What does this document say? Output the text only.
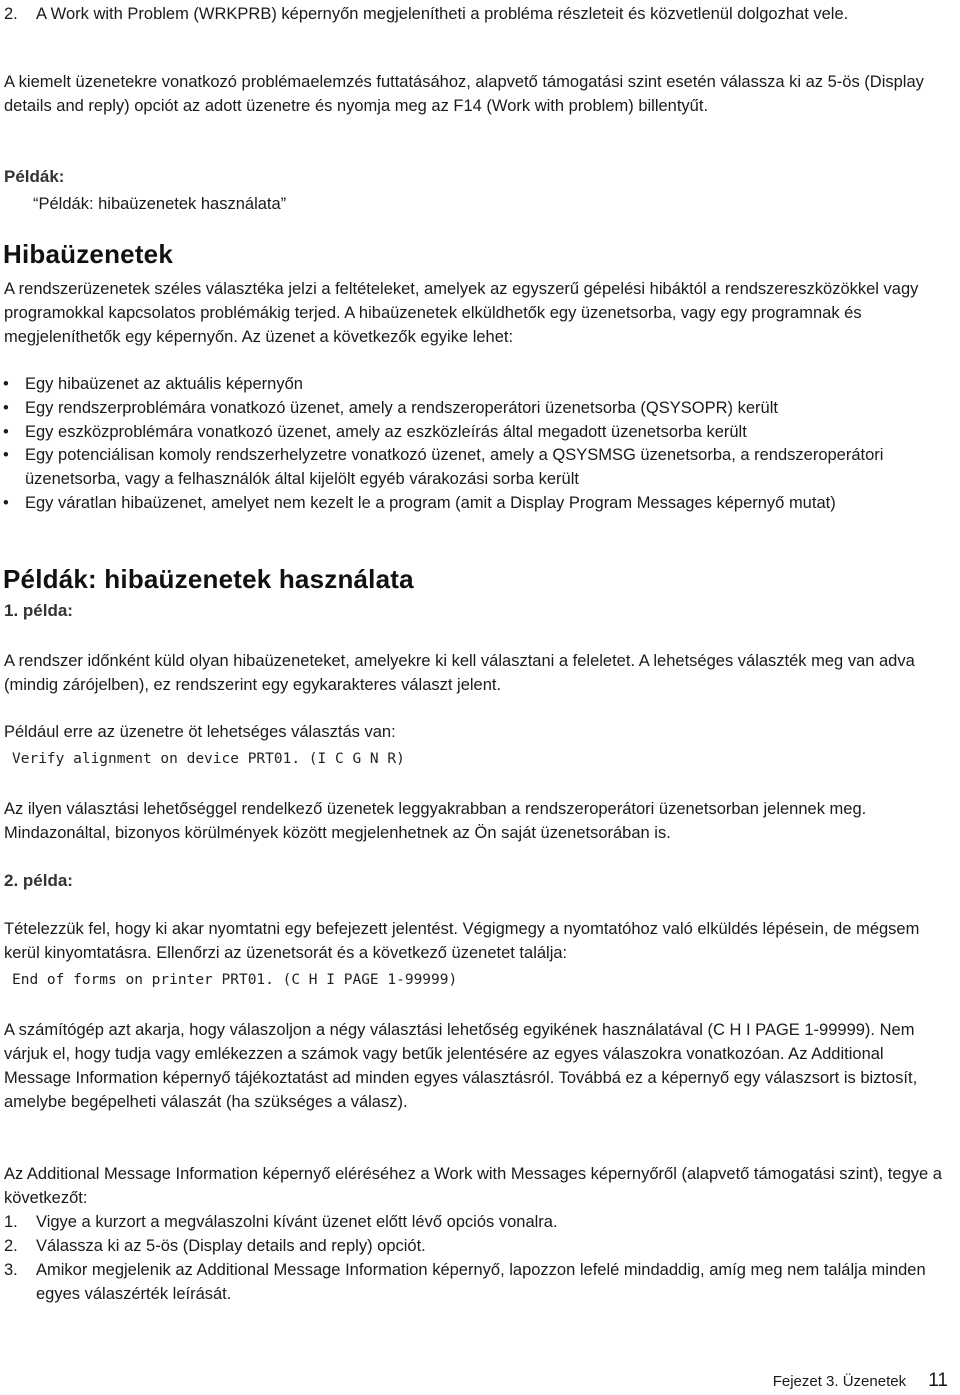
2. A Work with Problem (WRKPRB) képernyőn megjelenítheti a probléma részleteit és közvetlenül dolgozhat vele.

A kiemelt üzenetekre vonatkozó problémaelemzés futtatásához, alapvető támogatási szint esetén válassza ki az 5-ös (Display details and reply) opciót az adott üzenetre és nyomja meg az F14 (Work with problem) billentyűt.

Példák:
“Példák: hibaüzenetek használata”
Hibaüzenetek

A rendszerüzenetek széles választéka jelzi a feltételeket, amelyek az egyszerű gépelési hibáktól a rendszereszközökkel vagy programokkal kapcsolatos problémákig terjed. A hibaüzenetek elküldhetők egy üzenetsorba, vagy egy programnak és megjeleníthetők egy képernyőn. Az üzenet a következők egyike lehet:

• Egy hibaüzenet az aktuális képernyőn
• Egy rendszerproblémára vonatkozó üzenet, amely a rendszeroperátori üzenetsorba (QSYSOPR) került
• Egy eszközproblémára vonatkozó üzenet, amely az eszközleírás által megadott üzenetsorba került
• Egy potenciálisan komoly rendszerhelyzetre vonatkozó üzenet, amely a QSYSMSG üzenetsorba, a rendszeroperátori üzenetsorba, vagy a felhasználók által kijelölt egyéb várakozási sorba került
• Egy váratlan hibaüzenet, amelyet nem kezelt le a program (amit a Display Program Messages képernyő mutat)
Példák: hibaüzenetek használata
1. példa:

A rendszer időnként küld olyan hibaüzeneteket, amelyekre ki kell választani a feleletet. A lehetséges választék meg van adva (mindig zárójelben), ez rendszerint egy egykarakteres választ jelent.

Például erre az üzenetre öt lehetséges választás van:

Verify alignment on device PRT01. (I C G N R)

Az ilyen választási lehetőséggel rendelkező üzenetek leggyakrabban a rendszeroperátori üzenetsorban jelennek meg. Mindazonáltal, bizonyos körülmények között megjelenhetnek az Ön saját üzenetsorában is.

2. példa:

Tételezzük fel, hogy ki akar nyomtatni egy befejezett jelentést. Végigmegy a nyomtatóhoz való elküldés lépésein, de mégsem kerül kinyomtatásra. Ellenőrzi az üzenetsorát és a következő üzenetet találja:

End of forms on printer PRT01. (C H I PAGE 1-99999)

A számítógép azt akarja, hogy válaszoljon a négy választási lehetőség egyikének használatával (C H I PAGE 1-99999). Nem várjuk el, hogy tudja vagy emlékezzen a számok vagy betűk jelentésére az egyes válaszokra vonatkozóan. Az Additional Message Information képernyő tájékoztatást ad minden egyes választásról. Továbbá ez a képernyő egy válaszsort is biztosít, amelybe begépelheti válaszát (ha szükséges a válasz).

Az Additional Message Information képernyő eléréséhez a Work with Messages képernyőről (alapvető támogatási szint), tegye a következőt:

1. Vigye a kurzort a megválaszolni kívánt üzenet előtt lévő opciós vonalra.
2. Válassza ki az 5-ös (Display details and reply) opciót.
3. Amikor megjelenik az Additional Message Information képernyő, lapozzon lefelé mindaddig, amíg meg nem találja minden egyes válaszérték leírását.
Fejezet 3. Üzenetek 11
